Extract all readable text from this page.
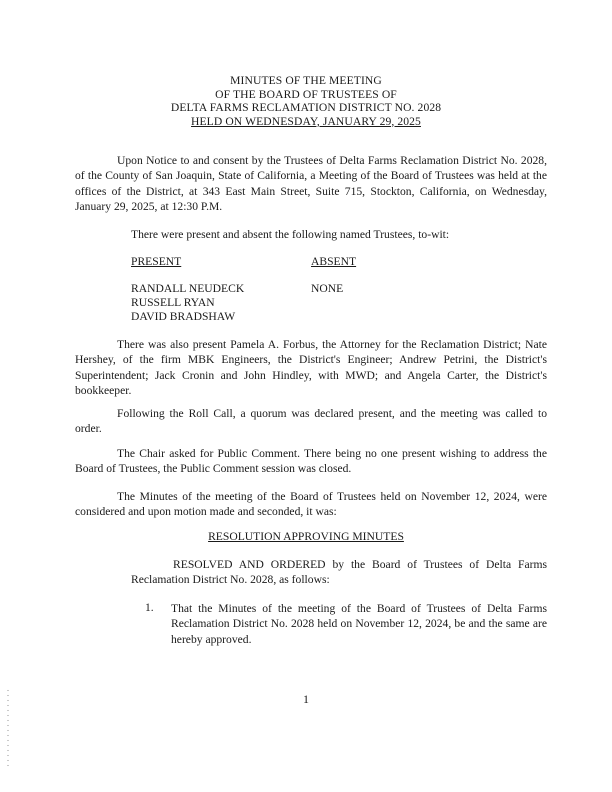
MINUTES OF THE MEETING
OF THE BOARD OF TRUSTEES OF
DELTA FARMS RECLAMATION DISTRICT NO. 2028
HELD ON WEDNESDAY, JANUARY 29, 2025
Upon Notice to and consent by the Trustees of Delta Farms Reclamation District No. 2028, of the County of San Joaquin, State of California, a Meeting of the Board of Trustees was held at the offices of the District, at 343 East Main Street, Suite 715, Stockton, California, on Wednesday, January 29, 2025, at 12:30 P.M.
There were present and absent the following named Trustees, to-wit:
PRESENT	ABSENT
RANDALL NEUDECK
RUSSELL RYAN
DAVID BRADSHAW
NONE
There was also present Pamela A. Forbus, the Attorney for the Reclamation District; Nate Hershey, of the firm MBK Engineers, the District's Engineer; Andrew Petrini, the District's Superintendent; Jack Cronin and John Hindley, with MWD; and Angela Carter, the District's bookkeeper.
Following the Roll Call, a quorum was declared present, and the meeting was called to order.
The Chair asked for Public Comment. There being no one present wishing to address the Board of Trustees, the Public Comment session was closed.
The Minutes of the meeting of the Board of Trustees held on November 12, 2024, were considered and upon motion made and seconded, it was:
RESOLUTION APPROVING MINUTES
RESOLVED AND ORDERED by the Board of Trustees of Delta Farms Reclamation District No. 2028, as follows:
1. That the Minutes of the meeting of the Board of Trustees of Delta Farms Reclamation District No. 2028 held on November 12, 2024, be and the same are hereby approved.
1
